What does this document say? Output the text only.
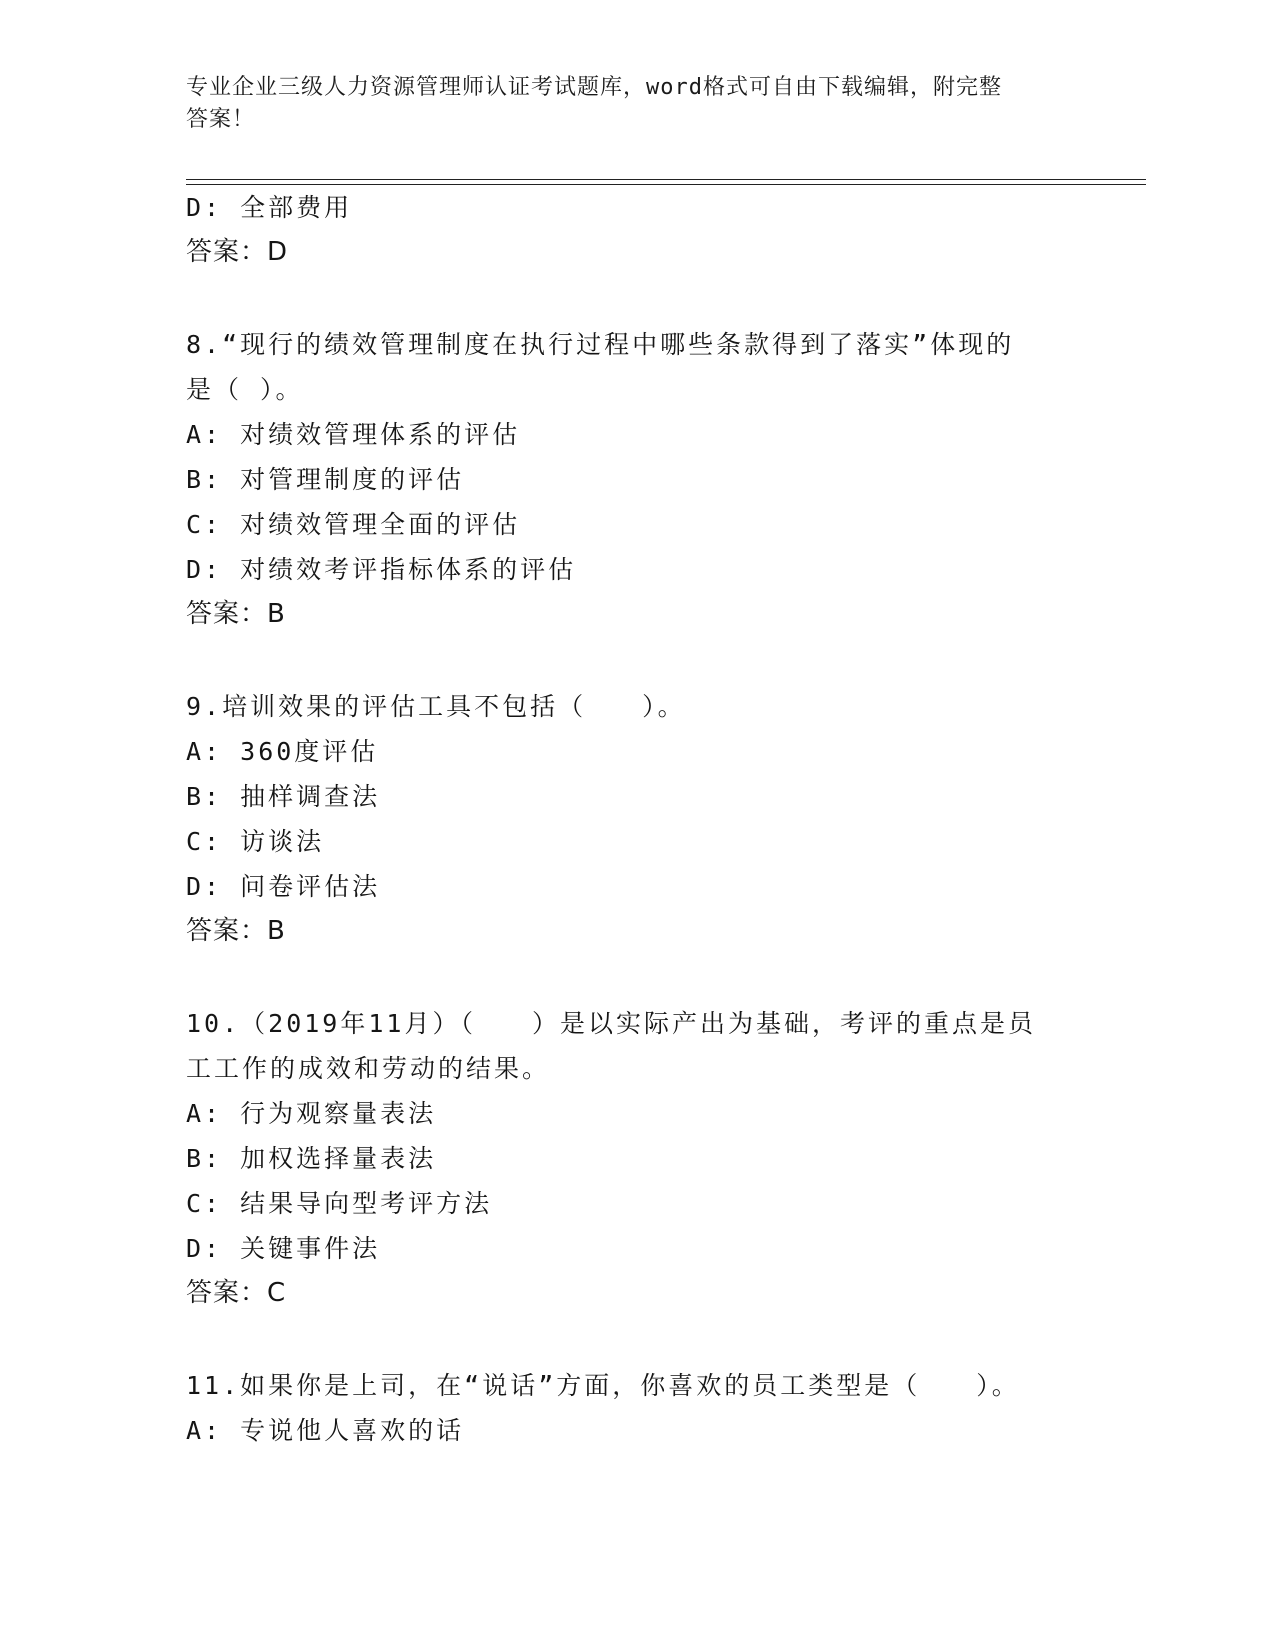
专业企业三级人力资源管理师认证考试题库，word格式可自由下载编辑，附完整
答案！
D: 全部费用
答案：D
8.“现行的绩效管理制度在执行过程中哪些条款得到了落实”体现的
是（ ）。
A: 对绩效管理体系的评估
B: 对管理制度的评估
C: 对绩效管理全面的评估
D: 对绩效考评指标体系的评估
答案：B
9.培训效果的评估工具不包括（　　）。
A: 360度评估
B: 抽样调查法
C: 访谈法
D: 问卷评估法
答案：B
10.（2019年11月）（　　）是以实际产出为基础，考评的重点是员
工工作的成效和劳动的结果。
A: 行为观察量表法
B: 加权选择量表法
C: 结果导向型考评方法
D: 关键事件法
答案：C
11.如果你是上司，在“说话”方面，你喜欢的员工类型是（　　）。
A: 专说他人喜欢的话
